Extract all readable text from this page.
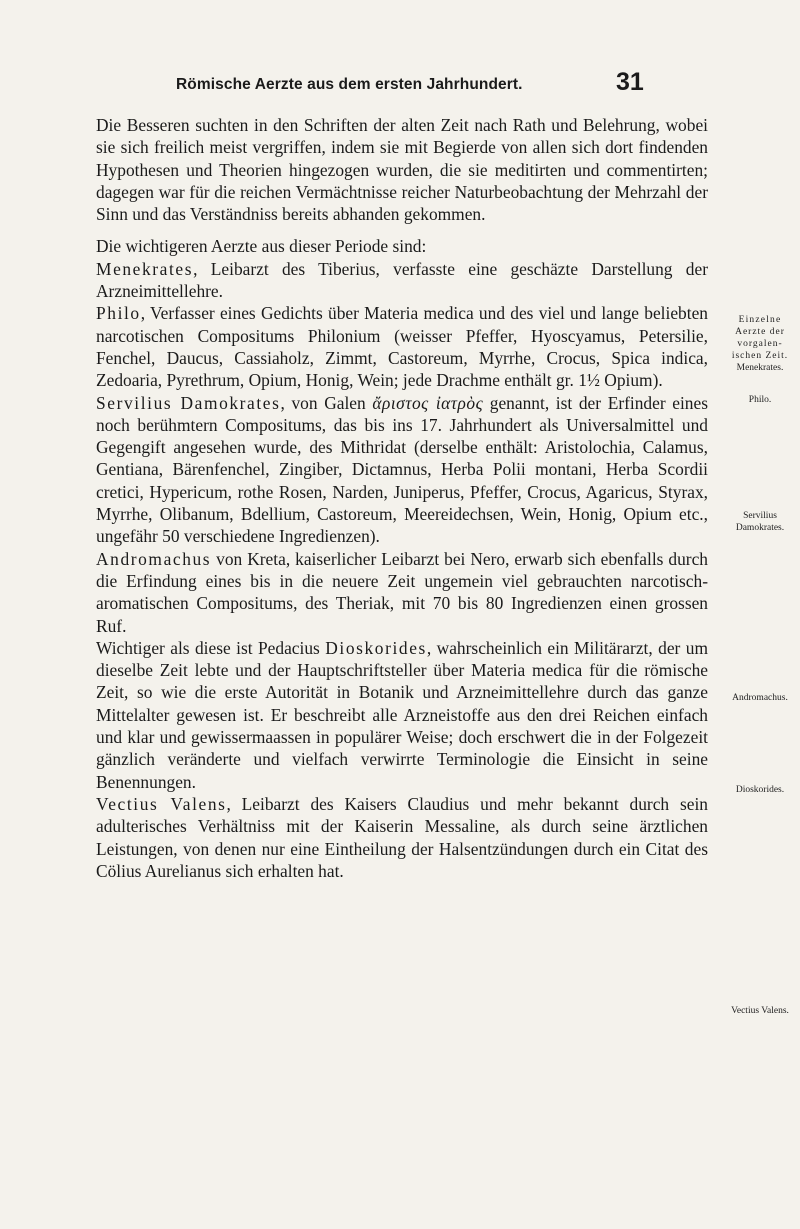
Römische Aerzte aus dem ersten Jahrhundert.	31

Die Besseren suchten in den Schriften der alten Zeit nach Rath und Belehrung, wobei sie sich freilich meist vergriffen, indem sie mit Begierde von allen sich dort findenden Hypothesen und Theorien hingezogen wurden, die sie meditirten und commentirten; dagegen war für die reichen Vermächtnisse reicher Naturbeobachtung der Mehrzahl der Sinn und das Verständniss bereits abhanden gekommen.

Die wichtigeren Aerzte aus dieser Periode sind:

Menekrates, Leibarzt des Tiberius, verfasste eine geschäzte Darstellung der Arzneimittellehre.

Philo, Verfasser eines Gedichts über Materia medica und des viel und lange beliebten narcotischen Compositums Philonium (weisser Pfeffer, Hyoscyamus, Petersilie, Fenchel, Daucus, Cassiaholz, Zimmt, Castoreum, Myrrhe, Crocus, Spica indica, Zedoaria, Pyrethrum, Opium, Honig, Wein; jede Drachme enthält gr. 1½ Opium).

Servilius Damokrates, von Galen ἄριστος ἰατρὸς genannt, ist der Erfinder eines noch berühmtern Compositums, das bis ins 17. Jahrhundert als Universalmittel und Gegengift angesehen wurde, des Mithridat (derselbe enthält: Aristolochia, Calamus, Gentiana, Bärenfenchel, Zingiber, Dictamnus, Herba Polii montani, Herba Scordii cretici, Hypericum, rothe Rosen, Narden, Juniperus, Pfeffer, Crocus, Agaricus, Styrax, Myrrhe, Olibanum, Bdellium, Castoreum, Meereidechsen, Wein, Honig, Opium etc., ungefähr 50 verschiedene Ingredienzen).

Andromachus von Kreta, kaiserlicher Leibarzt bei Nero, erwarb sich ebenfalls durch die Erfindung eines bis in die neuere Zeit ungemein viel gebrauchten narcotisch-aromatischen Compositums, des Theriak, mit 70 bis 80 Ingredienzen einen grossen Ruf.

Wichtiger als diese ist Pedacius Dioskorides, wahrscheinlich ein Militärarzt, der um dieselbe Zeit lebte und der Hauptschriftsteller über Materia medica für die römische Zeit, so wie die erste Autorität in Botanik und Arzneimittellehre durch das ganze Mittelalter gewesen ist. Er beschreibt alle Arzneistoffe aus den drei Reichen einfach und klar und gewissermaassen in populärer Weise; doch erschwert die in der Folgezeit gänzlich veränderte und vielfach verwirrte Terminologie die Einsicht in seine Benennungen.

Vectius Valens, Leibarzt des Kaisers Claudius und mehr bekannt durch sein adulterisches Verhältniss mit der Kaiserin Messaline, als durch seine ärztlichen Leistungen, von denen nur eine Eintheilung der Halsentzündungen durch ein Citat des Cölius Aurelianus sich erhalten hat.

Einzelne
Aerzte der
vorgalen-
ischen Zeit.
Menekrates.
Philo.
Servilius
Damokrates.
Andromachus.
Dioskorides.
Vectius Valens.
